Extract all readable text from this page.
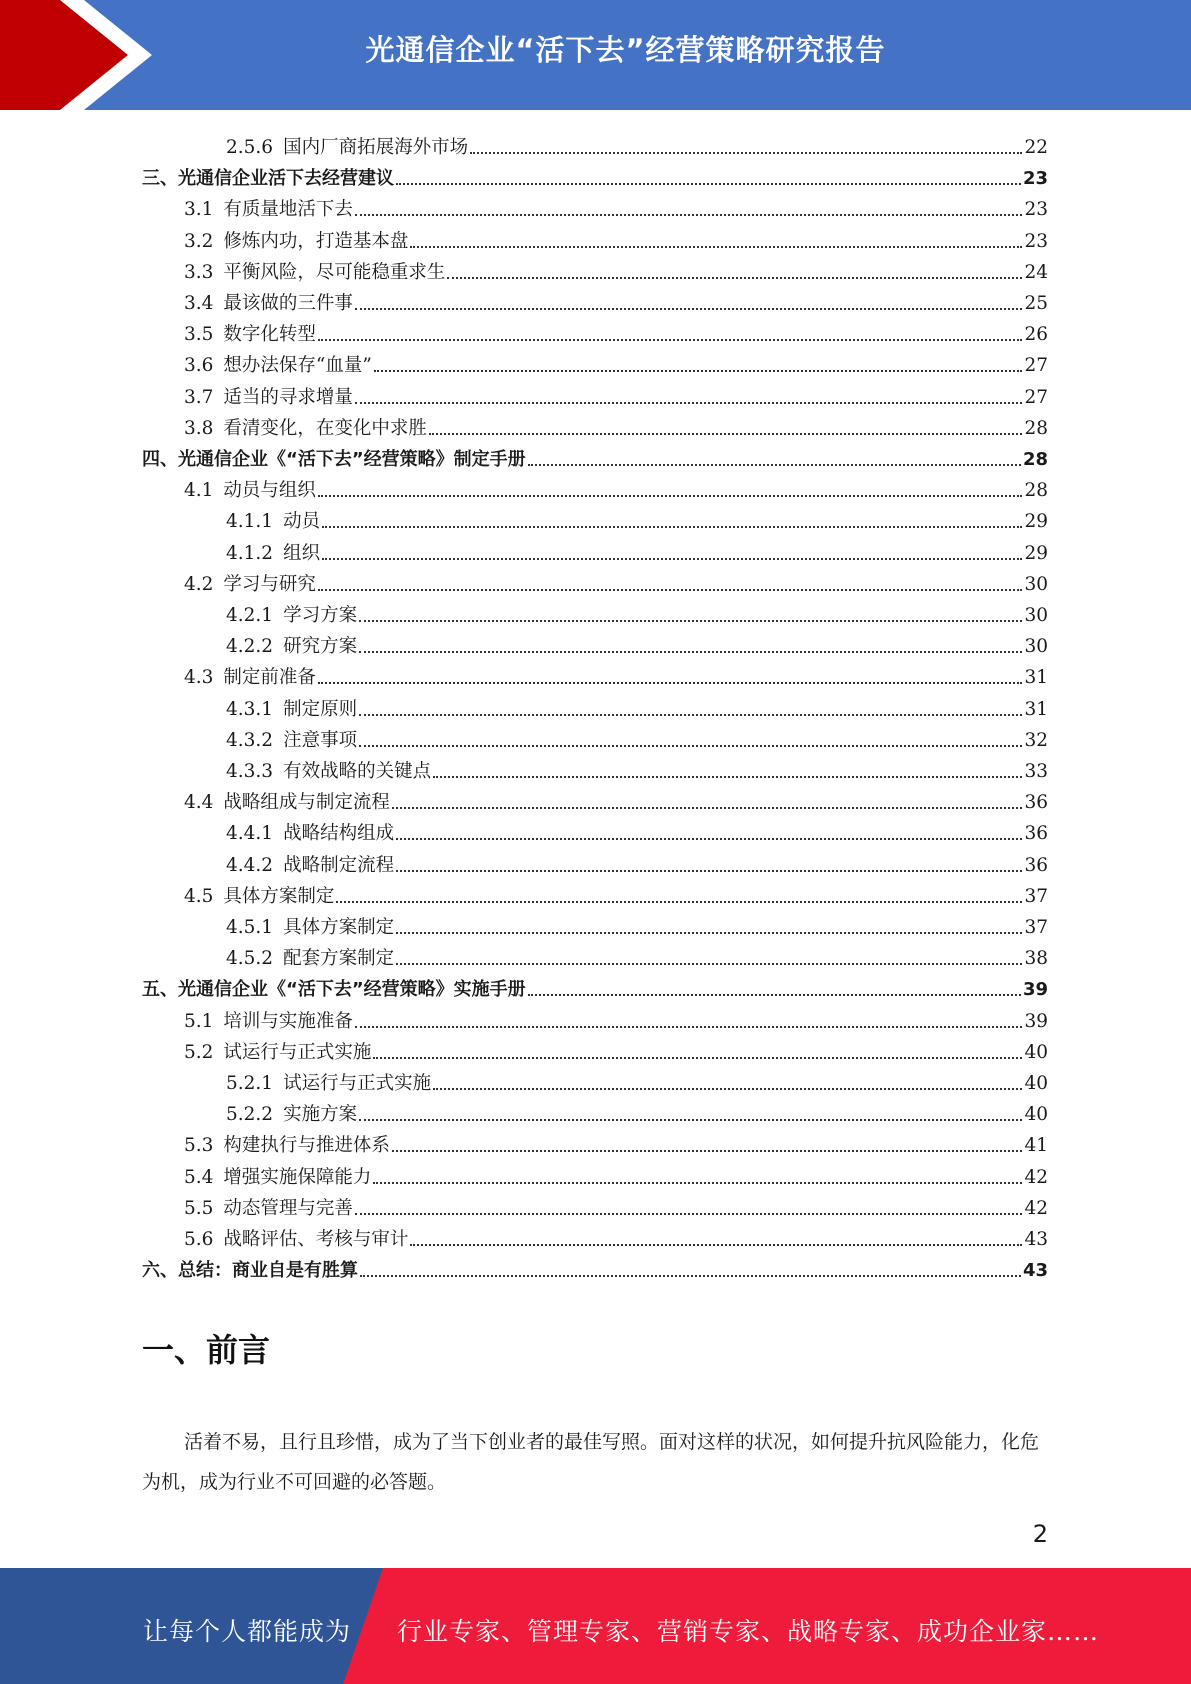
光通信企业“活下去”经营策略研究报告
2.5.6 国内厂商拓展海外市场	22
三、光通信企业活下去经营建议	23
3.1 有质量地活下去	23
3.2 修炼内功，打造基本盘	23
3.3 平衡风险，尽可能稳重求生	24
3.4 最该做的三件事	25
3.5 数字化转型	26
3.6 想办法保存“血量”	27
3.7 适当的寻求增量	27
3.8 看清变化，在变化中求胜	28
四、光通信企业《“活下去”经营策略》制定手册	28
4.1 动员与组织	28
4.1.1 动员	29
4.1.2 组织	29
4.2 学习与研究	30
4.2.1 学习方案	30
4.2.2 研究方案	30
4.3 制定前准备	31
4.3.1 制定原则	31
4.3.2 注意事项	32
4.3.3 有效战略的关键点	33
4.4 战略组成与制定流程	36
4.4.1 战略结构组成	36
4.4.2 战略制定流程	36
4.5 具体方案制定	37
4.5.1 具体方案制定	37
4.5.2 配套方案制定	38
五、光通信企业《“活下去”经营策略》实施手册	39
5.1 培训与实施准备	39
5.2 试运行与正式实施	40
5.2.1 试运行与正式实施	40
5.2.2 实施方案	40
5.3 构建执行与推进体系	41
5.4 增强实施保障能力	42
5.5 动态管理与完善	42
5.6 战略评估、考核与审计	43
六、总结：商业自是有胜算	43
一、前言

活着不易，且行且珍惜，成为了当下创业者的最佳写照。面对这样的状况，如何提升抗风险能力，化危为机，成为行业不可回避的必答题。

2
让每个人都能成为 行业专家、管理专家、营销专家、战略专家、成功企业家……
